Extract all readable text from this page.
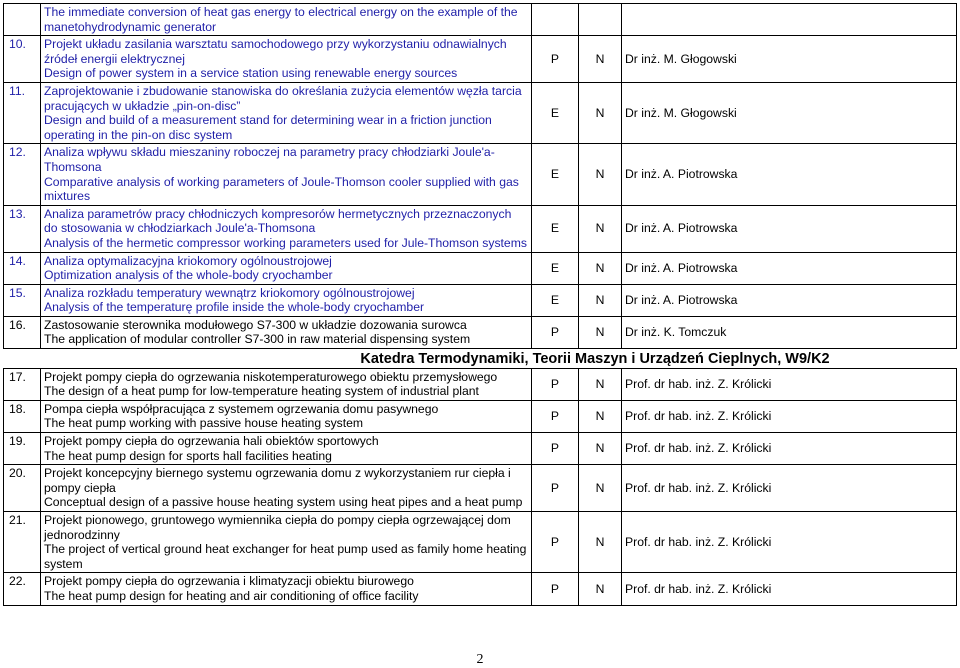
	The immediate conversion of heat gas energy to electrical energy on the example of the manetohydrodynamic generator			

10.	Projekt układu zasilania warsztatu samochodowego przy wykorzystaniu odnawialnych źródeł energii elektrycznej
Design of power system in a service station using renewable energy sources	P	N	Dr inż. M. Głogowski
11.	Zaprojektowanie i zbudowanie stanowiska do określania zużycia elementów węzła tarcia pracujących w układzie „pin-on-disc”
Design and build of a measurement stand for determining wear in a friction junction operating in the pin-on disc system	E	N	Dr inż. M. Głogowski
12.	Analiza wpływu składu mieszaniny roboczej na parametry pracy chłodziarki Joule'a-Thomsona
Comparative analysis of working parameters of Joule-Thomson cooler supplied with gas mixtures	E	N	Dr inż. A. Piotrowska
13.	Analiza parametrów pracy chłodniczych kompresorów hermetycznych przeznaczonych do stosowania w chłodziarkach Joule'a-Thomsona
Analysis of the hermetic compressor working parameters used for Jule-Thomson systems	E	N	Dr inż. A. Piotrowska
14.	Analiza optymalizacyjna kriokomory ogólnoustrojowej
Optimization analysis of the whole-body cryochamber	E	N	Dr inż. A. Piotrowska
15.	Analiza rozkładu temperatury wewnątrz kriokomory ogólnoustrojowej
Analysis of the temperaturę profile inside the whole-body cryochamber	E	N	Dr inż. A. Piotrowska
16.	Zastosowanie sterownika modułowego S7-300 w układzie dozowania surowca
The application of modular controller S7-300 in raw material dispensing system	P	N	Dr inż. K. Tomczuk
Katedra Termodynamiki, Teorii Maszyn i Urządzeń Cieplnych, W9/K2				
17.	Projekt pompy ciepła do ogrzewania niskotemperaturowego obiektu przemysłowego
The design of a heat pump for low-temperature heating system of industrial plant	P	N	Prof. dr hab. inż. Z. Królicki
18.	Pompa ciepła współpracująca z systemem ogrzewania domu pasywnego
The heat pump working with passive house heating system	P	N	Prof. dr hab. inż. Z. Królicki
19.	Projekt pompy ciepła do ogrzewania hali obiektów sportowych
The heat pump design for sports hall facilities heating	P	N	Prof. dr hab. inż. Z. Królicki
20.	Projekt koncepcyjny biernego systemu ogrzewania domu z wykorzystaniem rur ciepła i pompy ciepła
Conceptual design of a passive house heating system using heat pipes and a heat pump	P	N	Prof. dr hab. inż. Z. Królicki
21.	Projekt pionowego, gruntowego wymiennika ciepła do pompy ciepła ogrzewającej dom jednorodzinny
The project of vertical ground heat exchanger for heat pump used as family home heating system	P	N	Prof. dr hab. inż. Z. Królicki
22.	Projekt pompy ciepła do ogrzewania i klimatyzacji obiektu biurowego
The heat pump design for heating and air conditioning of office facility	P	N	Prof. dr hab. inż. Z. Królicki
2
